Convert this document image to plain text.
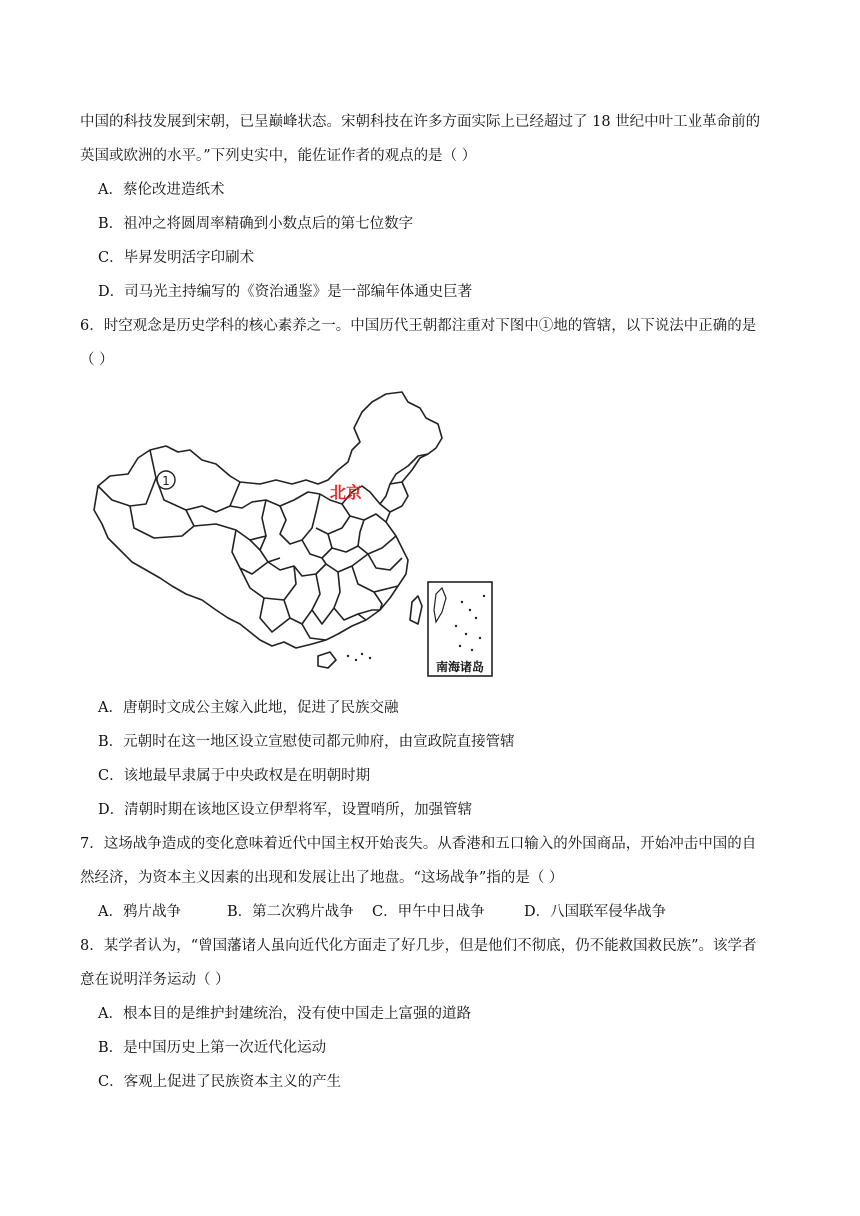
中国的科技发展到宋朝，已呈巅峰状态。宋朝科技在许多方面实际上已经超过了 18 世纪中叶工业革命前的
英国或欧洲的水平。”下列史实中，能佐证作者的观点的是（ ）
A．蔡伦改进造纸术
B．祖冲之将圆周率精确到小数点后的第七位数字
C．毕昇发明活字印刷术
D．司马光主持编写的《资治通鉴》是一部编年体通史巨著
6．时空观念是历史学科的核心素养之一。中国历代王朝都注重对下图中①地的管辖，以下说法中正确的是
（ ）
1
北京
南海诸岛
A．唐朝时文成公主嫁入此地，促进了民族交融
B．元朝时在这一地区设立宣慰使司都元帅府，由宣政院直接管辖
C．该地最早隶属于中央政权是在明朝时期
D．清朝时期在该地区设立伊犁将军，设置哨所，加强管辖
7．这场战争造成的变化意味着近代中国主权开始丧失。从香港和五口输入的外国商品，开始冲击中国的自
然经济，为资本主义因素的出现和发展让出了地盘。“这场战争”指的是（ ）
A．鸦片战争	B．第二次鸦片战争 C．甲午中日战争	D．八国联军侵华战争
8．某学者认为，“曾国藩诸人虽向近代化方面走了好几步，但是他们不彻底，仍不能救国救民族”。该学者
意在说明洋务运动（ ）
A．根本目的是维护封建统治，没有使中国走上富强的道路
B．是中国历史上第一次近代化运动
C．客观上促进了民族资本主义的产生
